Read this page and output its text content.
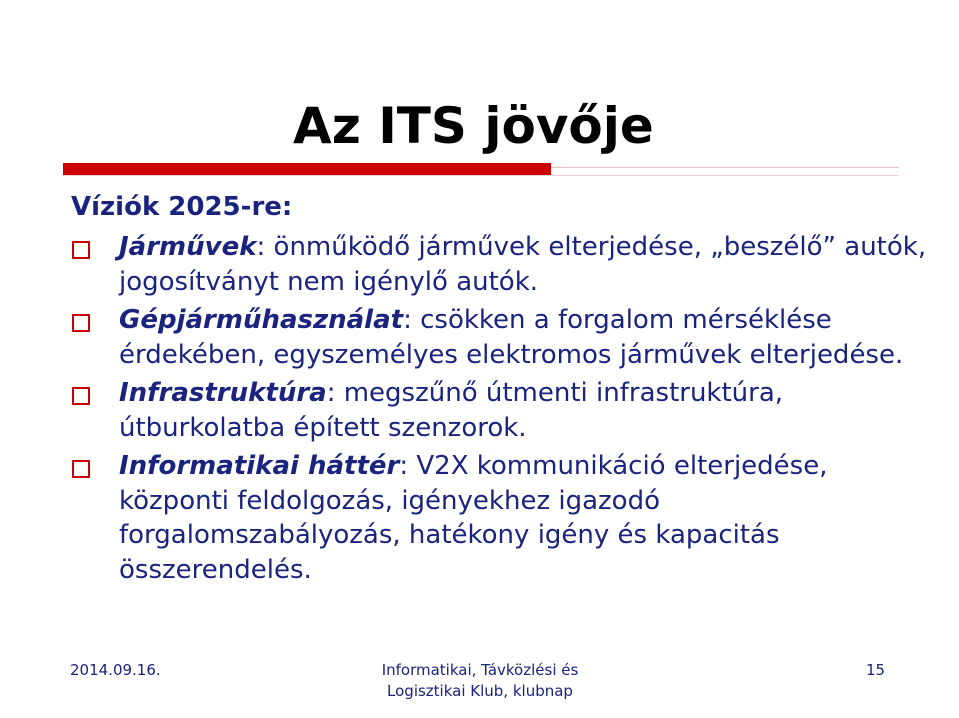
Az ITS jövője
Víziók 2025-re:
Járművek: önműködő járművek elterjedése, „beszélő” autók, jogosítványt nem igénylő autók.
Gépjárműhasználat: csökken a forgalom mérséklése érdekében, egyszemélyes elektromos járművek elterjedése.
Infrastruktúra: megszűnő útmenti infrastruktúra, útburkolatba épített szenzorok.
Informatikai háttér: V2X kommunikáció elterjedése, központi feldolgozás, igényekhez igazodó forgalomszabályozás, hatékony igény és kapacitás összerendelés.
2014.09.16.	Informatikai, Távközlési és
Logisztikai Klub, klubnap
15
